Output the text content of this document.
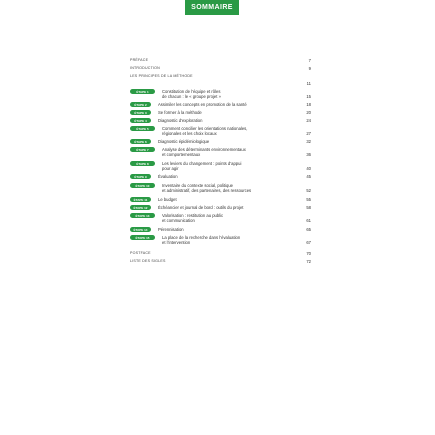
SOMMAIRE
PRÉFACE	7
INTRODUCTION	9
LES PRINCIPES DE LA MÉTHODE
11
ÉTAPE 1	Constitution de l’équipe et rôles
de chacun : le « groupe projet »	15
ÉTAPE 2	Assimiler les concepts en promotion de la santé	18
ÉTAPE 3	Se former à la méthode	20
ÉTAPE 4	Diagnostic d’exploration	24
ÉTAPE 5	Comment concilier les orientations nationales,
régionales et les choix locaux	27
ÉTAPE 6	Diagnostic épidémiologique	32
ÉTAPE 7	Analyse des déterminants environnementaux
et comportementaux	36
ÉTAPE 8	Les leviers du changement : points d’appui
pour agir	40
ÉTAPE 9	Évaluation	45
ÉTAPE 10	Inventaire du contexte social, politique
et administratif, des partenaires, des ressources	52
ÉTAPE 11	Le budget	55
ÉTAPE 12	Échéancier et journal de bord : outils du projet	58
ÉTAPE 13	Valorisation : restitution au public
et communication	61
ÉTAPE 14	Pérennisation	65
ÉTAPE 15	La place de la recherche dans l’évaluation
et l’intervention	67
POSTFACE	70
LISTE DES SIGLES	72
